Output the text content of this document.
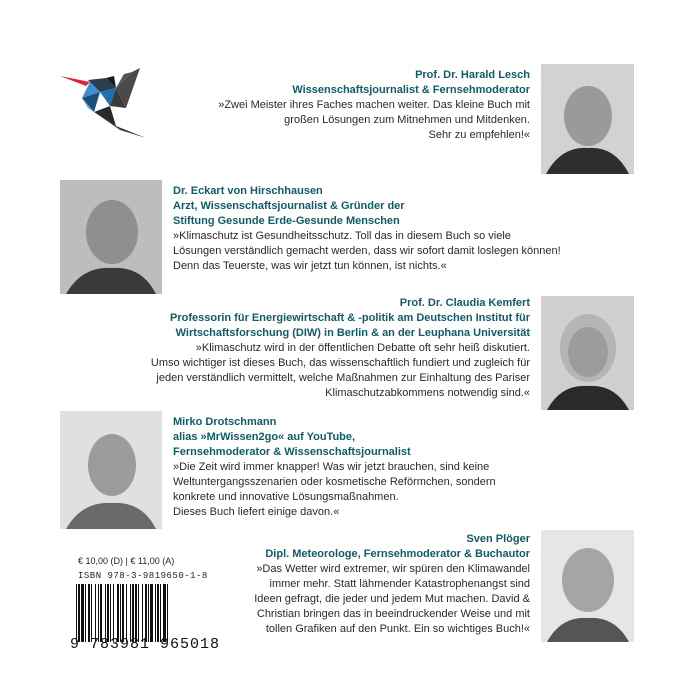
Prof. Dr. Harald Lesch
Wissenschaftsjournalist & Fernsehmoderator
»Zwei Meister ihres Faches machen weiter. Das kleine Buch mit
großen Lösungen zum Mitnehmen und Mitdenken.
Sehr zu empfehlen!«
Dr. Eckart von Hirschhausen
Arzt, Wissenschaftsjournalist & Gründer der
Stiftung Gesunde Erde-Gesunde Menschen
»Klimaschutz ist Gesundheitsschutz. Toll das in diesem Buch so viele
Lösungen verständlich gemacht werden, dass wir sofort damit loslegen können!
Denn das Teuerste, was wir jetzt tun können, ist nichts.«
Prof. Dr. Claudia Kemfert
Professorin für Energiewirtschaft & -politik am Deutschen Institut für
Wirtschaftsforschung (DIW) in Berlin & an der Leuphana Universität
»Klimaschutz wird in der öffentlichen Debatte oft sehr heiß diskutiert.
Umso wichtiger ist dieses Buch, das wissenschaftlich fundiert und zugleich für
jeden verständlich vermittelt, welche Maßnahmen zur Einhaltung des Pariser
Klimaschutzabkommens notwendig sind.«
Mirko Drotschmann
alias »MrWissen2go« auf YouTube,
Fernsehmoderator & Wissenschaftsjournalist
»Die Zeit wird immer knapper! Was wir jetzt brauchen, sind keine
Weltuntergangsszenarien oder kosmetische Reförmchen, sondern
konkrete und innovative Lösungsmaßnahmen.
Dieses Buch liefert einige davon.«
Sven Plöger
Dipl. Meteorologe, Fernsehmoderator & Buchautor
»Das Wetter wird extremer, wir spüren den Klimawandel
immer mehr. Statt lähmender Katastrophenangst sind
Ideen gefragt, die jeder und jedem Mut machen. David &
Christian bringen das in beeindruckender Weise und mit
tollen Grafiken auf den Punkt. Ein so wichtiges Buch!«
€ 10,00 (D) | € 11,00 (A)
ISBN 978-3-9819650-1-8
9 783981 965018
